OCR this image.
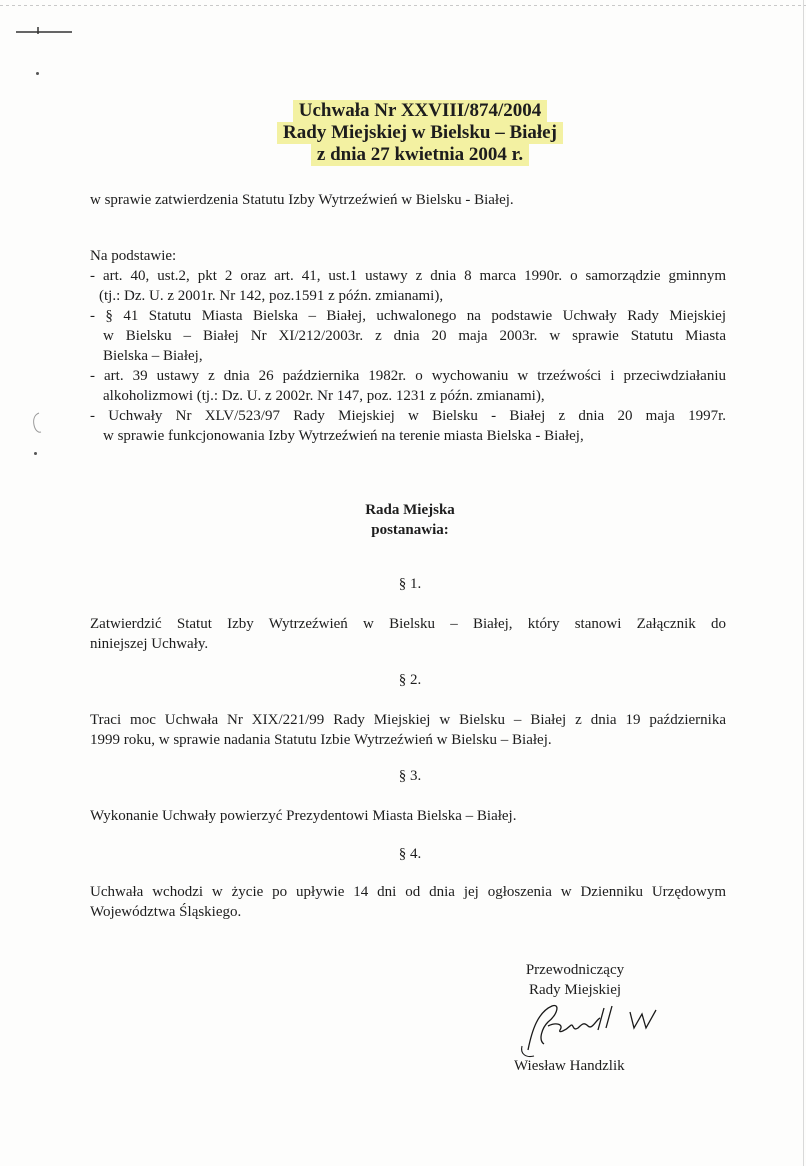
Uchwała Nr XXVIII/874/2004
Rady Miejskiej w Bielsku – Białej
z dnia 27 kwietnia 2004 r.
w sprawie zatwierdzenia Statutu Izby Wytrzeźwień w Bielsku - Białej.
Na podstawie:
- art. 40, ust.2, pkt 2 oraz art. 41, ust.1 ustawy z dnia 8 marca 1990r. o samorządzie gminnym
(tj.: Dz. U. z 2001r. Nr 142, poz.1591 z późn. zmianami),
- § 41 Statutu Miasta Bielska – Białej, uchwalonego na podstawie Uchwały Rady Miejskiej
w Bielsku – Białej Nr XI/212/2003r. z dnia 20 maja 2003r. w sprawie Statutu Miasta
Bielska – Białej,
- art. 39 ustawy z dnia 26 października 1982r. o wychowaniu w trzeźwości i przeciwdziałaniu
alkoholizmowi (tj.: Dz. U. z 2002r. Nr 147, poz. 1231 z późn. zmianami),
- Uchwały Nr XLV/523/97 Rady Miejskiej w Bielsku - Białej z dnia 20 maja 1997r.
w sprawie funkcjonowania Izby Wytrzeźwień na terenie miasta Bielska - Białej,
Rada Miejska
postanawia:
§ 1.
Zatwierdzić Statut Izby Wytrzeźwień w Bielsku – Białej, który stanowi Załącznik do
niniejszej Uchwały.
§ 2.
Traci moc Uchwała Nr XIX/221/99 Rady Miejskiej w Bielsku – Białej z dnia 19 października
1999 roku, w sprawie nadania Statutu Izbie Wytrzeźwień w Bielsku – Białej.
§ 3.
Wykonanie Uchwały powierzyć Prezydentowi Miasta Bielska – Białej.
§ 4.
Uchwała wchodzi w życie po upływie 14 dni od dnia jej ogłoszenia w Dzienniku Urzędowym
Województwa Śląskiego.
Przewodniczący
Rady Miejskiej
Wiesław Handzlik
